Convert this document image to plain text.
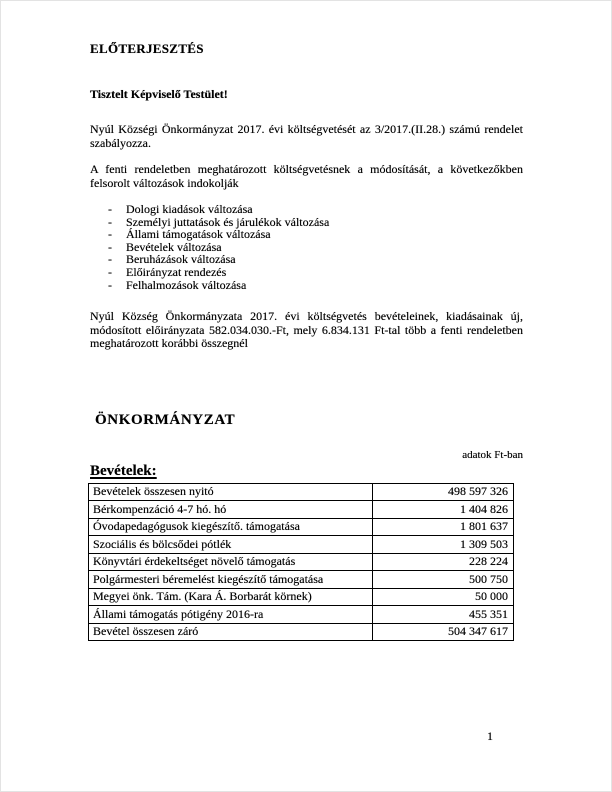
ELŐTERJESZTÉS

Tisztelt Képviselő Testület!

Nyúl Községi Önkormányzat 2017. évi költségvetését az 3/2017.(II.28.) számú rendelet szabályozza.

A fenti rendeletben meghatározott költségvetésnek a módosítását, a következőkben felsorolt változások indokolják

- Dologi kiadások változása
- Személyi juttatások és járulékok változása
- Állami támogatások változása
- Bevételek változása
- Beruházások változása
- Előirányzat rendezés
- Felhalmozások változása

Nyúl Község Önkormányzata 2017. évi költségvetés bevételeinek, kiadásainak új, módosított előirányzata 582.034.030.-Ft, mely 6.834.131 Ft-tal több a fenti rendeletben meghatározott korábbi összegnél

ÖNKORMÁNYZAT
adatok Ft-ban
Bevételek:
Bevételek összesen nyitó	498 597 326
Bérkompenzáció 4-7 hó. hó	1 404 826
Óvodapedagógusok kiegészítő. támogatása	1 801 637
Szociális és bölcsődei pótlék	1 309 503
Könyvtári érdekeltséget növelő támogatás	228 224
Polgármesteri béremelést kiegészítő támogatása	500 750
Megyei önk. Tám. (Kara Á. Borbarát körnek)	50 000
Állami támogatás pótigény 2016-ra	455 351
Bevétel összesen záró	504 347 617
1
